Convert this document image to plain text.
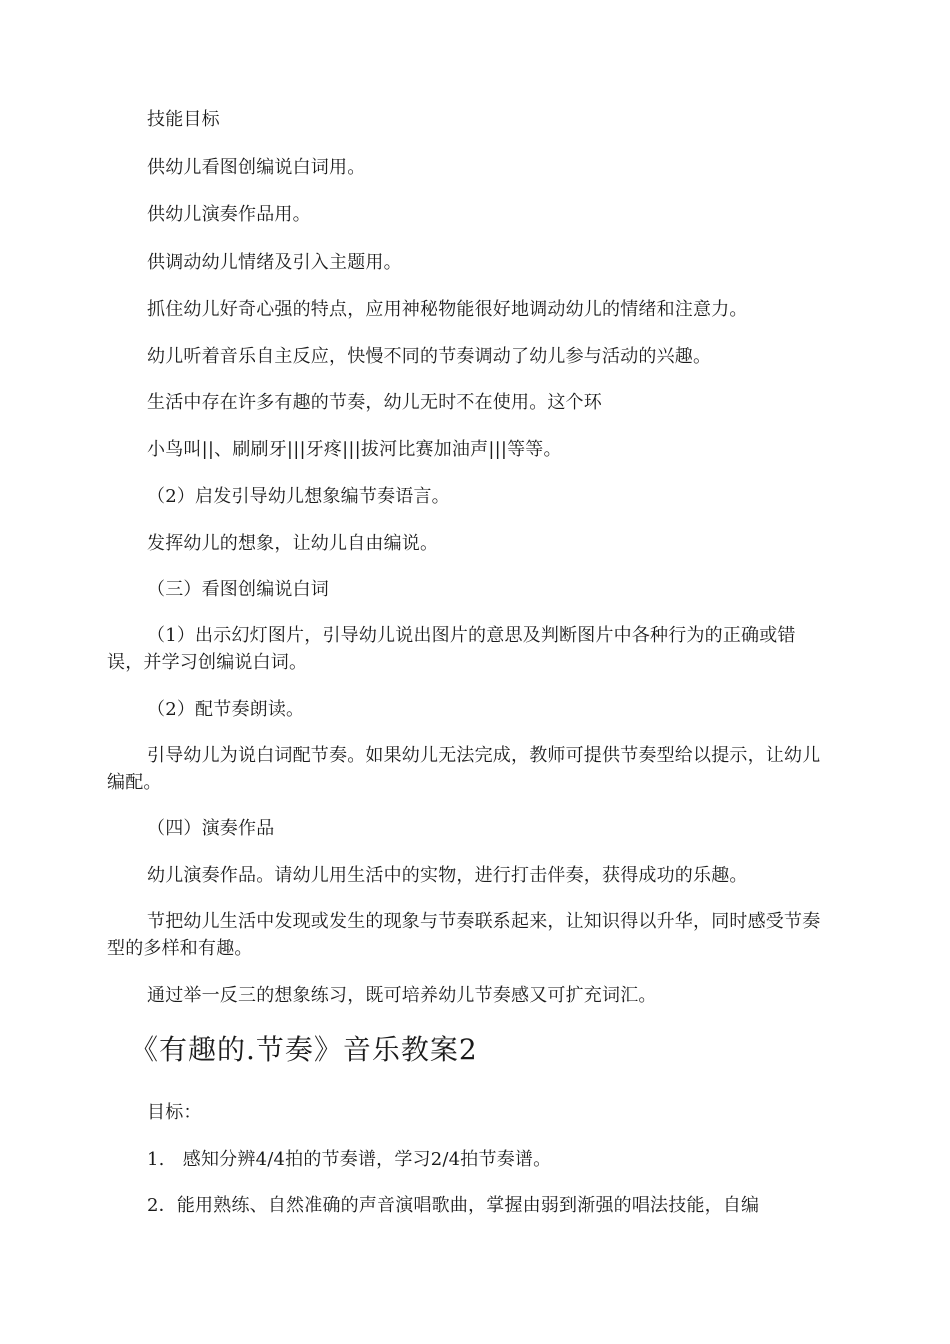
技能目标
供幼儿看图创编说白词用。
供幼儿演奏作品用。
供调动幼儿情绪及引入主题用。
抓住幼儿好奇心强的特点，应用神秘物能很好地调动幼儿的情绪和注意力。
幼儿听着音乐自主反应，快慢不同的节奏调动了幼儿参与活动的兴趣。
生活中存在许多有趣的节奏，幼儿无时不在使用。这个环
小鸟叫||、刷刷牙|||牙疼|||拔河比赛加油声|||等等。
（2）启发引导幼儿想象编节奏语言。
发挥幼儿的想象，让幼儿自由编说。
（三）看图创编说白词
（1）出示幻灯图片，引导幼儿说出图片的意思及判断图片中各种行为的正确或错误，并学习创编说白词。
（2）配节奏朗读。
引导幼儿为说白词配节奏。如果幼儿无法完成，教师可提供节奏型给以提示，让幼儿编配。
（四）演奏作品
幼儿演奏作品。请幼儿用生活中的实物，进行打击伴奏，获得成功的乐趣。
节把幼儿生活中发现或发生的现象与节奏联系起来，让知识得以升华，同时感受节奏型的多样和有趣。
通过举一反三的想象练习，既可培养幼儿节奏感又可扩充词汇。
《有趣的.节奏》音乐教案2
目标：
1.　感知分辨4/4拍的节奏谱，学习2/4拍节奏谱。
2．能用熟练、自然准确的声音演唱歌曲，掌握由弱到渐强的唱法技能，自编
